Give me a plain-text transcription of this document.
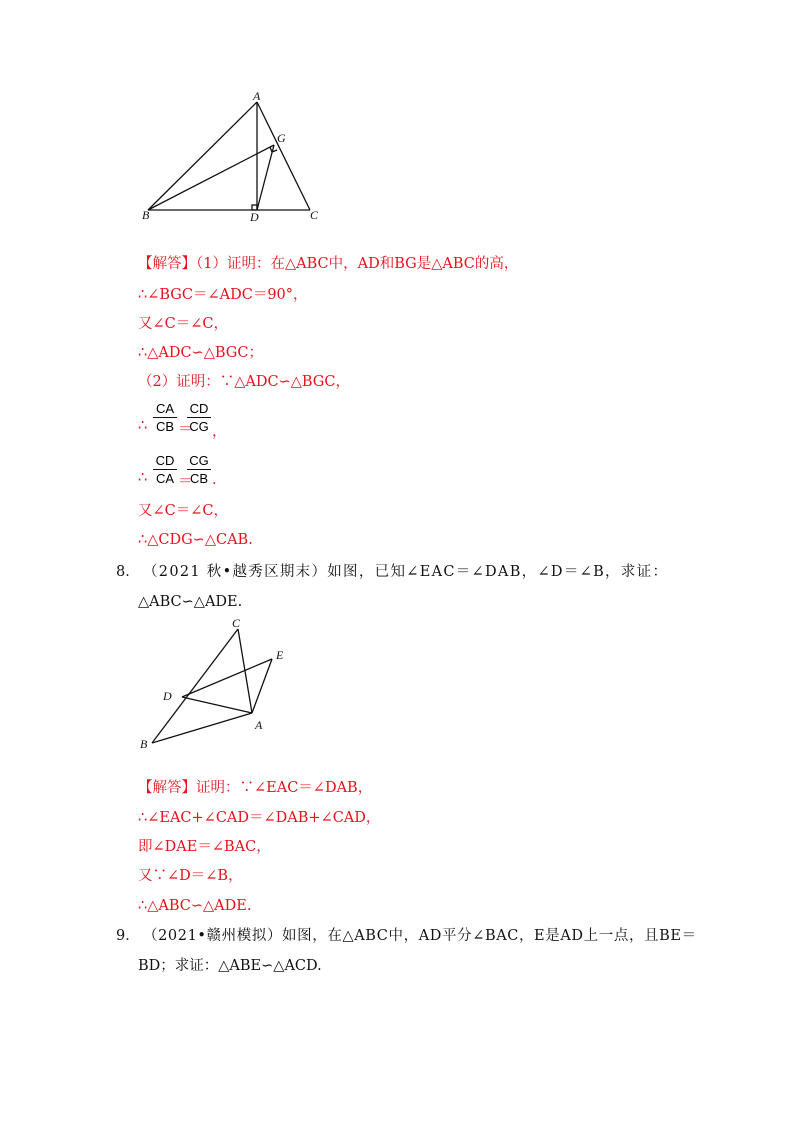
A
B	C
D
G
【解答】（1）证明：在△ABC中，AD和BG是△ABC的高，
∴∠BGC＝∠ADC＝90°，
又∠C＝∠C，
∴△ADC∽△BGC；
（2）证明：∵△ADC∽△BGC，
∴
CA
CB ＝
CD
CG ，
∴
CD
CA ＝
CG
CB .
又∠C＝∠C，
∴△CDG∽△CAB.
8． （2021 秋•越秀区期末）如图，已知∠EAC＝∠DAB，∠D＝∠B，求证：
△ABC∽△ADE.
C
E
D
A
B
【解答】证明：∵∠EAC＝∠DAB，
∴∠EAC+∠CAD＝∠DAB+∠CAD，
即∠DAE＝∠BAC，
又∵∠D＝∠B，
∴△ABC∽△ADE.
9． （2021•赣州模拟）如图，在△ABC中，AD平分∠BAC，E是AD上一点，且BE＝
BD；求证：△ABE∽△ACD.
